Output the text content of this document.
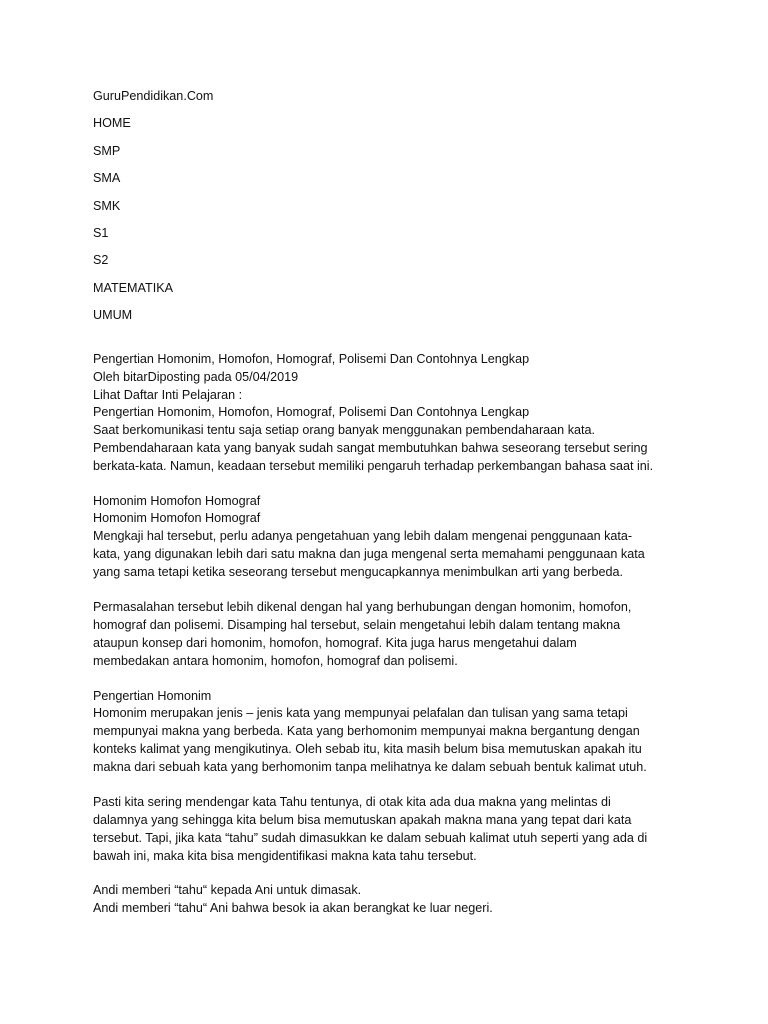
GuruPendidikan.Com
HOME
SMP
SMA
SMK
S1
S2
MATEMATIKA
UMUM
Pengertian Homonim, Homofon, Homograf, Polisemi Dan Contohnya Lengkap
Oleh bitarDiposting pada 05/04/2019
Lihat Daftar Inti Pelajaran :
Pengertian Homonim, Homofon, Homograf, Polisemi Dan Contohnya Lengkap
Saat berkomunikasi tentu saja setiap orang banyak menggunakan pembendaharaan kata.
Pembendaharaan kata yang banyak sudah sangat membutuhkan bahwa seseorang tersebut sering
berkata-kata. Namun, keadaan tersebut memiliki pengaruh terhadap perkembangan bahasa saat ini.
Homonim Homofon Homograf
Homonim Homofon Homograf
Mengkaji hal tersebut, perlu adanya pengetahuan yang lebih dalam mengenai penggunaan kata-
kata, yang digunakan lebih dari satu makna dan juga mengenal serta memahami penggunaan kata
yang sama tetapi ketika seseorang tersebut mengucapkannya menimbulkan arti yang berbeda.
Permasalahan tersebut lebih dikenal dengan hal yang berhubungan dengan homonim, homofon,
homograf dan polisemi. Disamping hal tersebut, selain mengetahui lebih dalam tentang makna
ataupun konsep dari homonim, homofon, homograf. Kita juga harus mengetahui dalam
membedakan antara homonim, homofon, homograf dan polisemi.
Pengertian Homonim
Homonim merupakan jenis – jenis kata yang mempunyai pelafalan dan tulisan yang sama tetapi
mempunyai makna yang berbeda. Kata yang berhomonim mempunyai makna bergantung dengan
konteks kalimat yang mengikutinya. Oleh sebab itu, kita masih belum bisa memutuskan apakah itu
makna dari sebuah kata yang berhomonim tanpa melihatnya ke dalam sebuah bentuk kalimat utuh.
Pasti kita sering mendengar kata Tahu tentunya, di otak kita ada dua makna yang melintas di
dalamnya yang sehingga kita belum bisa memutuskan apakah makna mana yang tepat dari kata
tersebut. Tapi, jika kata “tahu” sudah dimasukkan ke dalam sebuah kalimat utuh seperti yang ada di
bawah ini, maka kita bisa mengidentifikasi makna kata tahu tersebut.
Andi memberi “tahu“ kepada Ani untuk dimasak.
Andi memberi “tahu“ Ani bahwa besok ia akan berangkat ke luar negeri.
